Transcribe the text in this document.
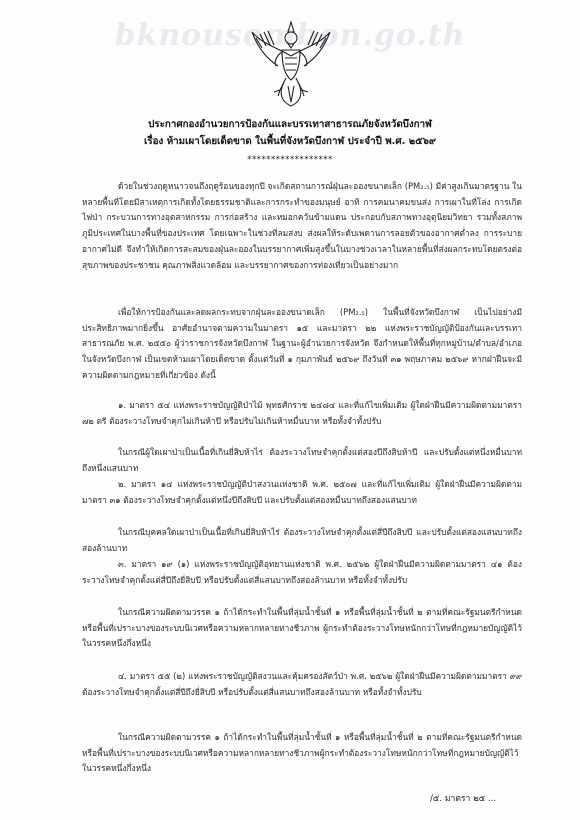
bknousombon.go.th
ประกาศกองอำนวยการป้องกันและบรรเทาสาธารณภัยจังหวัดบึงกาฬ
เรื่อง ห้ามเผาโดยเด็ดขาด ในพื้นที่จังหวัดบึงกาฬ ประจำปี พ.ศ. ๒๕๖๙
******************

ด้วยในช่วงฤดูหนาวจนถึงฤดูร้อนของทุกปี จะเกิดสถานการณ์ฝุ่นละอองขนาดเล็ก (PM₂.₅) มีค่าสูงเกินมาตรฐาน ในหลายพื้นที่โดยมีสาเหตุการเกิดทั้งโดยธรรมชาติและการกระทำของมนุษย์ อาทิ การคมนาคมขนส่ง การเผาในที่โล่ง การเกิดไฟป่า กระบวนการทางอุตสาหกรรม การก่อสร้าง และหมอกควันข้ามแดน ประกอบกับสภาพทางอุตุนิยมวิทยา รวมทั้งสภาพภูมิประเทศในบางพื้นที่ของประเทศ โดยเฉพาะในช่วงที่ลมสงบ ส่งผลให้ระดับเพดานการลอยตัวของอากาศต่ำลง การระบายอากาศไม่ดี จึงทำให้เกิดการสะสมของฝุ่นละอองในบรรยากาศเพิ่มสูงขึ้นในบางช่วงเวลาในหลายพื้นที่ส่งผลกระทบโดยตรงต่อสุขภาพของประชาชน คุณภาพสิ่งแวดล้อม และบรรยากาศของการท่องเที่ยวเป็นอย่างมาก

เพื่อให้การป้องกันและลดผลกระทบจากฝุ่นละอองขนาดเล็ก (PM₂.₅) ในพื้นที่จังหวัดบึงกาฬ เป็นไปอย่างมีประสิทธิภาพมากยิ่งขึ้น อาศัยอำนาจตามความในมาตรา ๑๕ และมาตรา ๒๒ แห่งพระราชบัญญัติป้องกันและบรรเทาสาธารณภัย พ.ศ. ๒๕๕๐ ผู้ว่าราชการจังหวัดบึงกาฬ ในฐานะผู้อำนวยการจังหวัด จึงกำหนดให้พื้นที่ทุกหมู่บ้าน/ตำบล/อำเภอ ในจังหวัดบึงกาฬ เป็นเขตห้ามเผาโดยเด็ดขาด ตั้งแต่วันที่ ๑ กุมภาพันธ์ ๒๕๖๙ ถึงวันที่ ๓๑ พฤษภาคม ๒๕๖๙ หากฝ่าฝืนจะมีความผิดตามกฎหมายที่เกี่ยวข้อง ดังนี้

๑. มาตรา ๕๔ แห่งพระราชบัญญัติป่าไม้ พุทธศักราช ๒๔๘๔ และที่แก้ไขเพิ่มเติม ผู้ใดฝ่าฝืนมีความผิดตามมาตรา ๗๒ ตรี ต้องระวางโทษจำคุกไม่เกินห้าปี หรือปรับไม่เกินห้าหมื่นบาท หรือทั้งจำทั้งปรับ

ในกรณีผู้ใดเผาป่าเป็นเนื้อที่เกินยี่สิบห้าไร่ ต้องระวางโทษจำคุกตั้งแต่สองปีถึงสิบห้าปี และปรับตั้งแต่หนึ่งหมื่นบาทถึงหนึ่งแสนบาท

๒. มาตรา ๑๔ แห่งพระราชบัญญัติป่าสงวนแห่งชาติ พ.ศ. ๒๕๐๗ และที่แก้ไขเพิ่มเติม ผู้ใดฝ่าฝืนมีความผิดตามมาตรา ๓๑ ต้องระวางโทษจำคุกตั้งแต่หนึ่งปีถึงสิบปี และปรับตั้งแต่สองหมื่นบาทถึงสองแสนบาท

ในกรณีบุคคลใดเผาป่าเป็นเนื้อที่เกินยี่สิบห้าไร่ ต้องระวางโทษจำคุกตั้งแต่สี่ปีถึงสิบปี และปรับตั้งแต่สองแสนบาทถึงสองล้านบาท

๓. มาตรา ๑๙ (๑) แห่งพระราชบัญญัติอุทยานแห่งชาติ พ.ศ. ๒๕๖๒ ผู้ใดฝ่าฝืนมีความผิดตามมาตรา ๔๑ ต้องระวางโทษจำคุกตั้งแต่สี่ปีถึงยี่สิบปี หรือปรับตั้งแต่สี่แสนบาทถึงสองล้านบาท หรือทั้งจำทั้งปรับ

ในกรณีความผิดตามวรรค ๑ ถ้าได้กระทำในพื้นที่ลุ่มน้ำชั้นที่ ๑ หรือพื้นที่ลุ่มน้ำชั้นที่ ๒ ตามที่คณะรัฐมนตรีกำหนด หรือพื้นที่เปราะบางของระบบนิเวศหรือความหลากหลายทางชีวภาพ ผู้กระทำต้องระวางโทษหนักกว่าโทษที่กฎหมายบัญญัติไว้ในวรรคหนึ่งกึ่งหนึ่ง

๔. มาตรา ๕๕ (๒) แห่งพระราชบัญญัติสงวนและคุ้มครองสัตว์ป่า พ.ศ. ๒๕๖๒ ผู้ใดฝ่าฝืนมีความผิดตามมาตรา ๙๙ ต้องระวางโทษจำคุกตั้งแต่สี่ปีถึงยี่สิบปี หรือปรับตั้งแต่สี่แสนบาทถึงสองล้านบาท หรือทั้งจำทั้งปรับ

ในกรณีความผิดตามวรรค ๑ ถ้าได้กระทำในพื้นที่ลุ่มน้ำชั้นที่ ๑ หรือพื้นที่ลุ่มน้ำชั้นที่ ๒ ตามที่คณะรัฐมนตรีกำหนด หรือพื้นที่เปราะบางของระบบนิเวศหรือความหลากหลายทางชีวภาพผู้กระทำต้องระวางโทษหนักกว่าโทษที่กฎหมายบัญญัติไว้ในวรรคหนึ่งกึ่งหนึ่ง

/๕. มาตรา ๒๕ ...
